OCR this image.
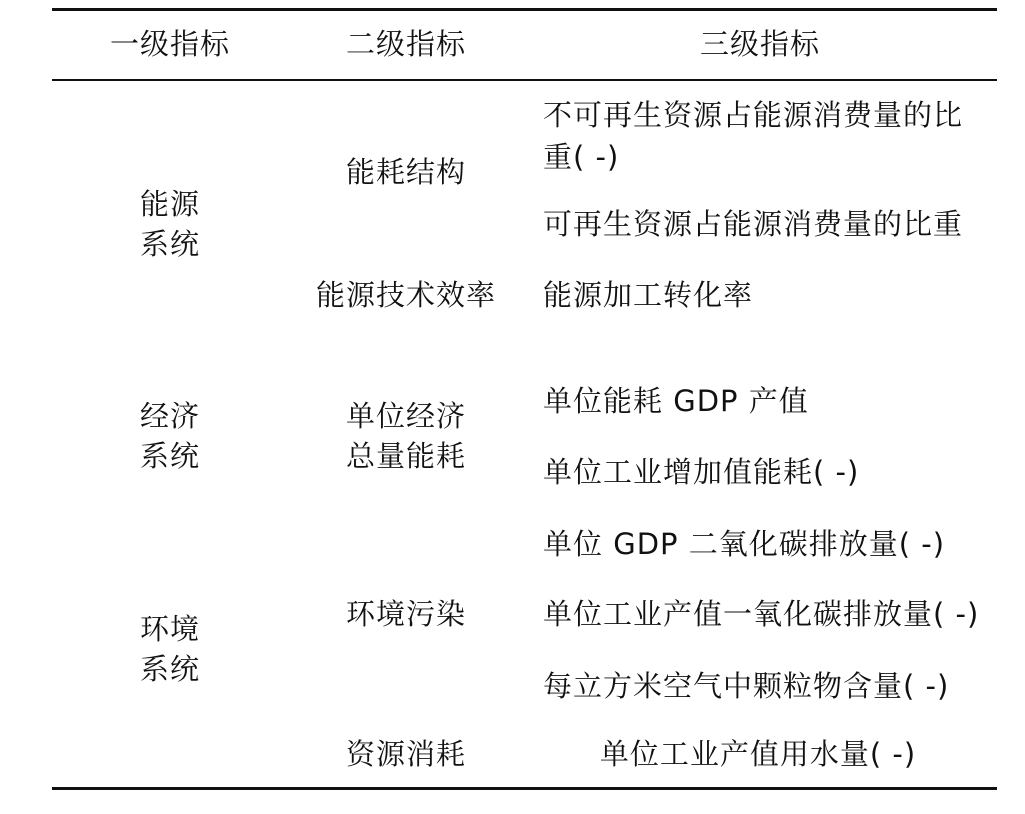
一级指标	二级指标	三级指标
能源
系统
经济
系统
环境
系统
能耗结构
能源技术效率
单位经济
总量能耗
环境污染
资源消耗
不可再生资源占能源消费量的比重( -)
可再生资源占能源消费量的比重
能源加工转化率
单位能耗 GDP 产值
单位工业增加值能耗( -)
单位 GDP 二氧化碳排放量( -)
单位工业产值一氧化碳排放量( -)
每立方米空气中颗粒物含量( -)
单位工业产值用水量( -)
